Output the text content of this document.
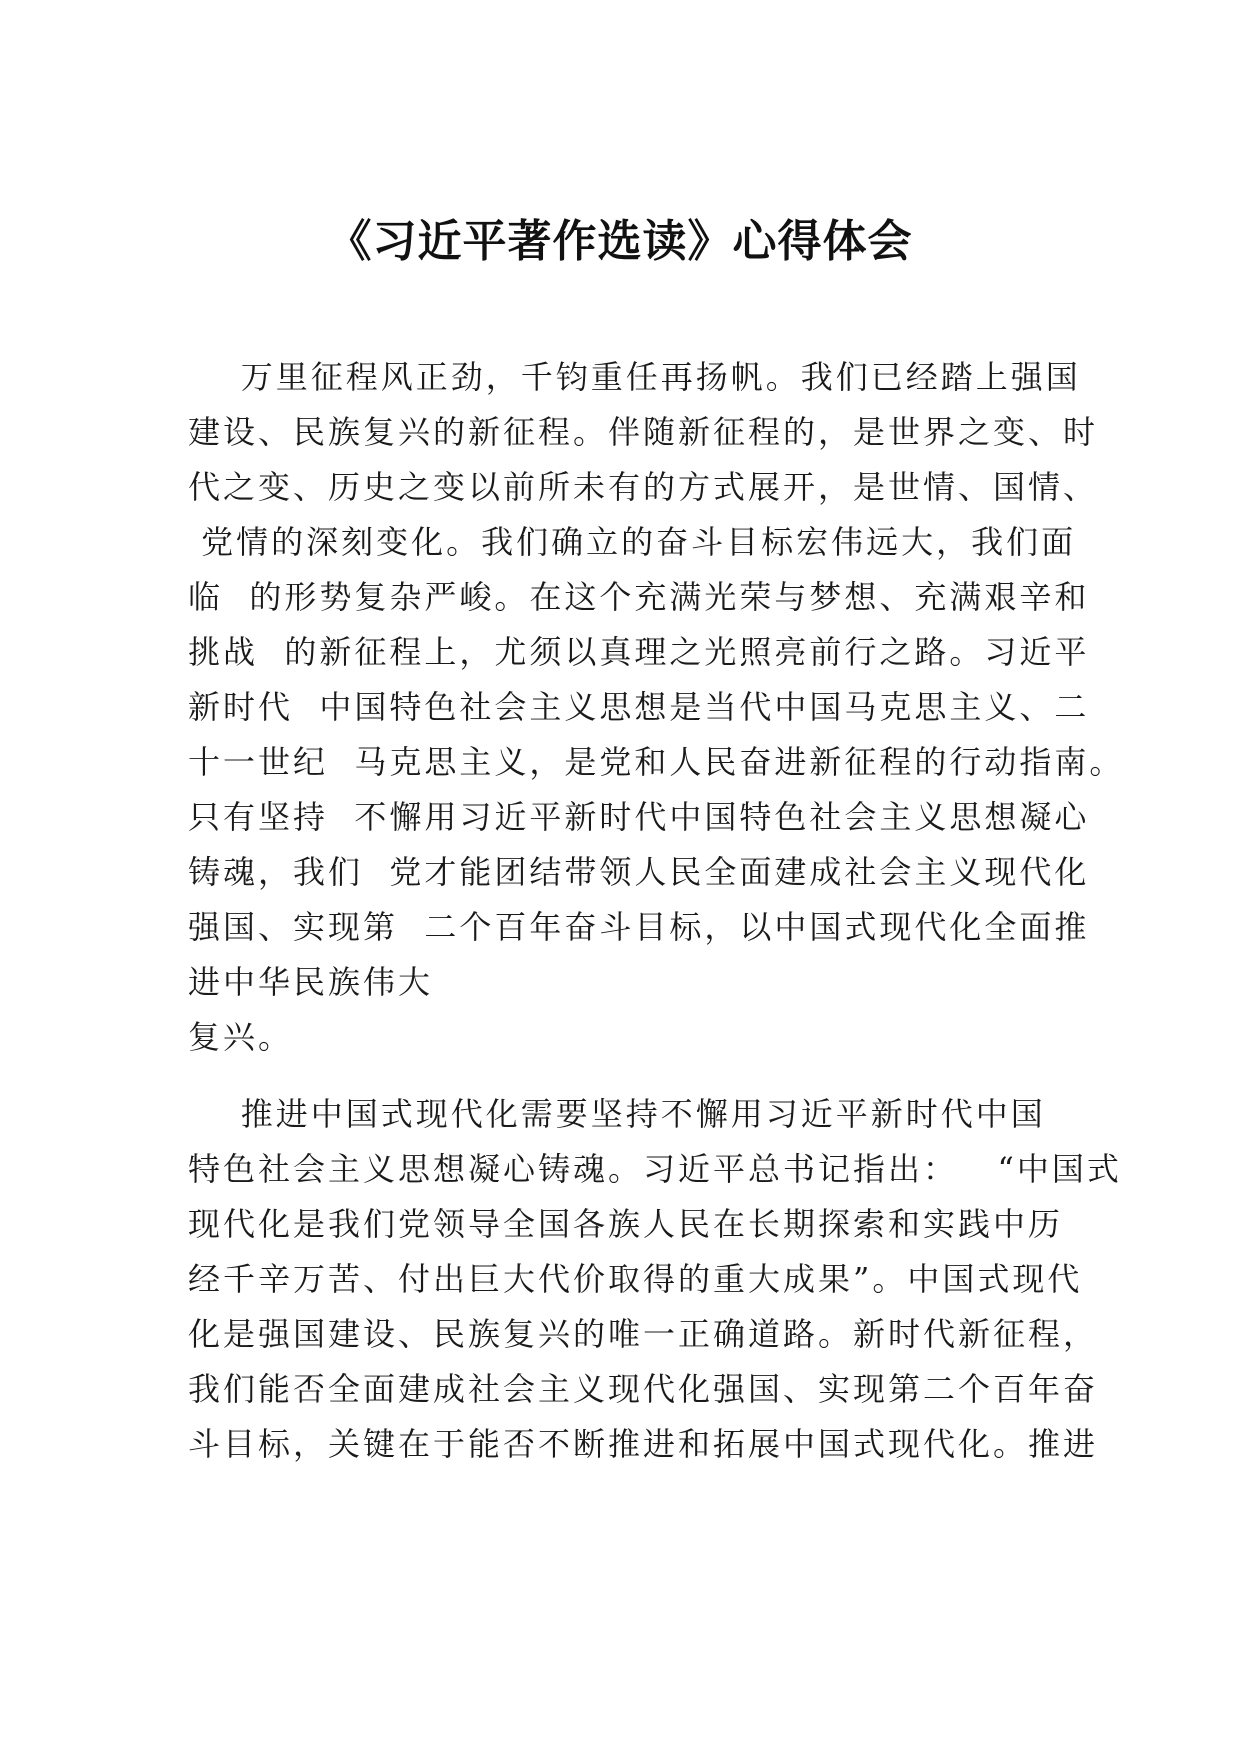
《习近平著作选读》心得体会
万里征程风正劲，千钧重任再扬帆。我们已经踏上强国
建设、民族复兴的新征程。伴随新征程的，是世界之变、时
代之变、历史之变以前所未有的方式展开，是世情、国情、
党情的深刻变化。我们确立的奋斗目标宏伟远大，我们面
临  的形势复杂严峻。在这个充满光荣与梦想、充满艰辛和
挑战  的新征程上，尤须以真理之光照亮前行之路。习近平
新时代  中国特色社会主义思想是当代中国马克思主义、二
十一世纪  马克思主义，是党和人民奋进新征程的行动指南。
只有坚持  不懈用习近平新时代中国特色社会主义思想凝心
铸魂，我们  党才能团结带领人民全面建成社会主义现代化
强国、实现第  二个百年奋斗目标，以中国式现代化全面推
进中华民族伟大
复兴。
推进中国式现代化需要坚持不懈用习近平新时代中国
特色社会主义思想凝心铸魂。习近平总书记指出：   “中国式
现代化是我们党领导全国各族人民在长期探索和实践中历
经千辛万苦、付出巨大代价取得的重大成果”。中国式现代
化是强国建设、民族复兴的唯一正确道路。新时代新征程，
我们能否全面建成社会主义现代化强国、实现第二个百年奋
斗目标，关键在于能否不断推进和拓展中国式现代化。推进
